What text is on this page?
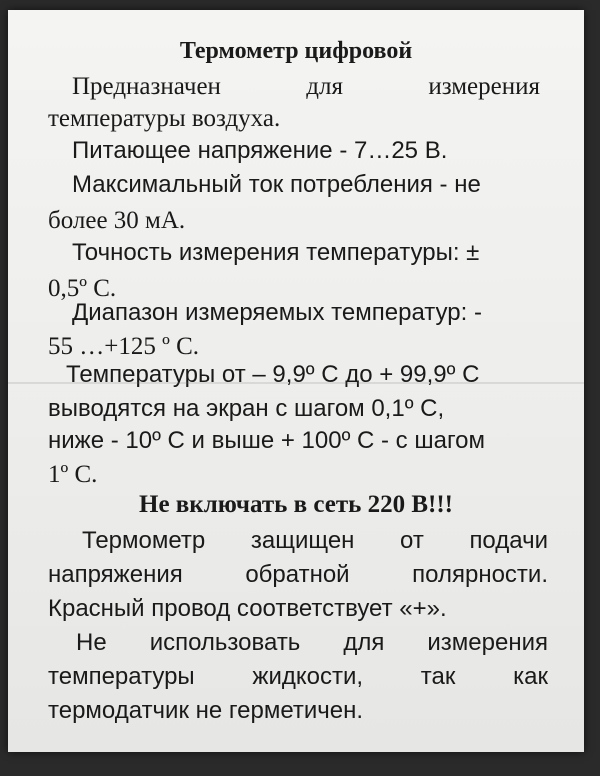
Термометр цифровой
Предназначен	для	измерения
температуры воздуха.
Питающее напряжение - 7…25 В.
Максимальный ток потребления - не
более 30 мА.
Точность измерения температуры: ±
0,5º С.
Диапазон измеряемых температур: -
55 …+125 º С.
Температуры от – 9,9º С до + 99,9º С
выводятся на экран с шагом 0,1º С,
ниже - 10º С и выше + 100º С - с шагом
1º С.
Не включать в сеть 220 В!!!
Термометр защищен от подачи
напряжения	обратной	полярности.
Красный провод соответствует «+».
Не использовать для измерения
температуры жидкости, так как
термодатчик не герметичен.
